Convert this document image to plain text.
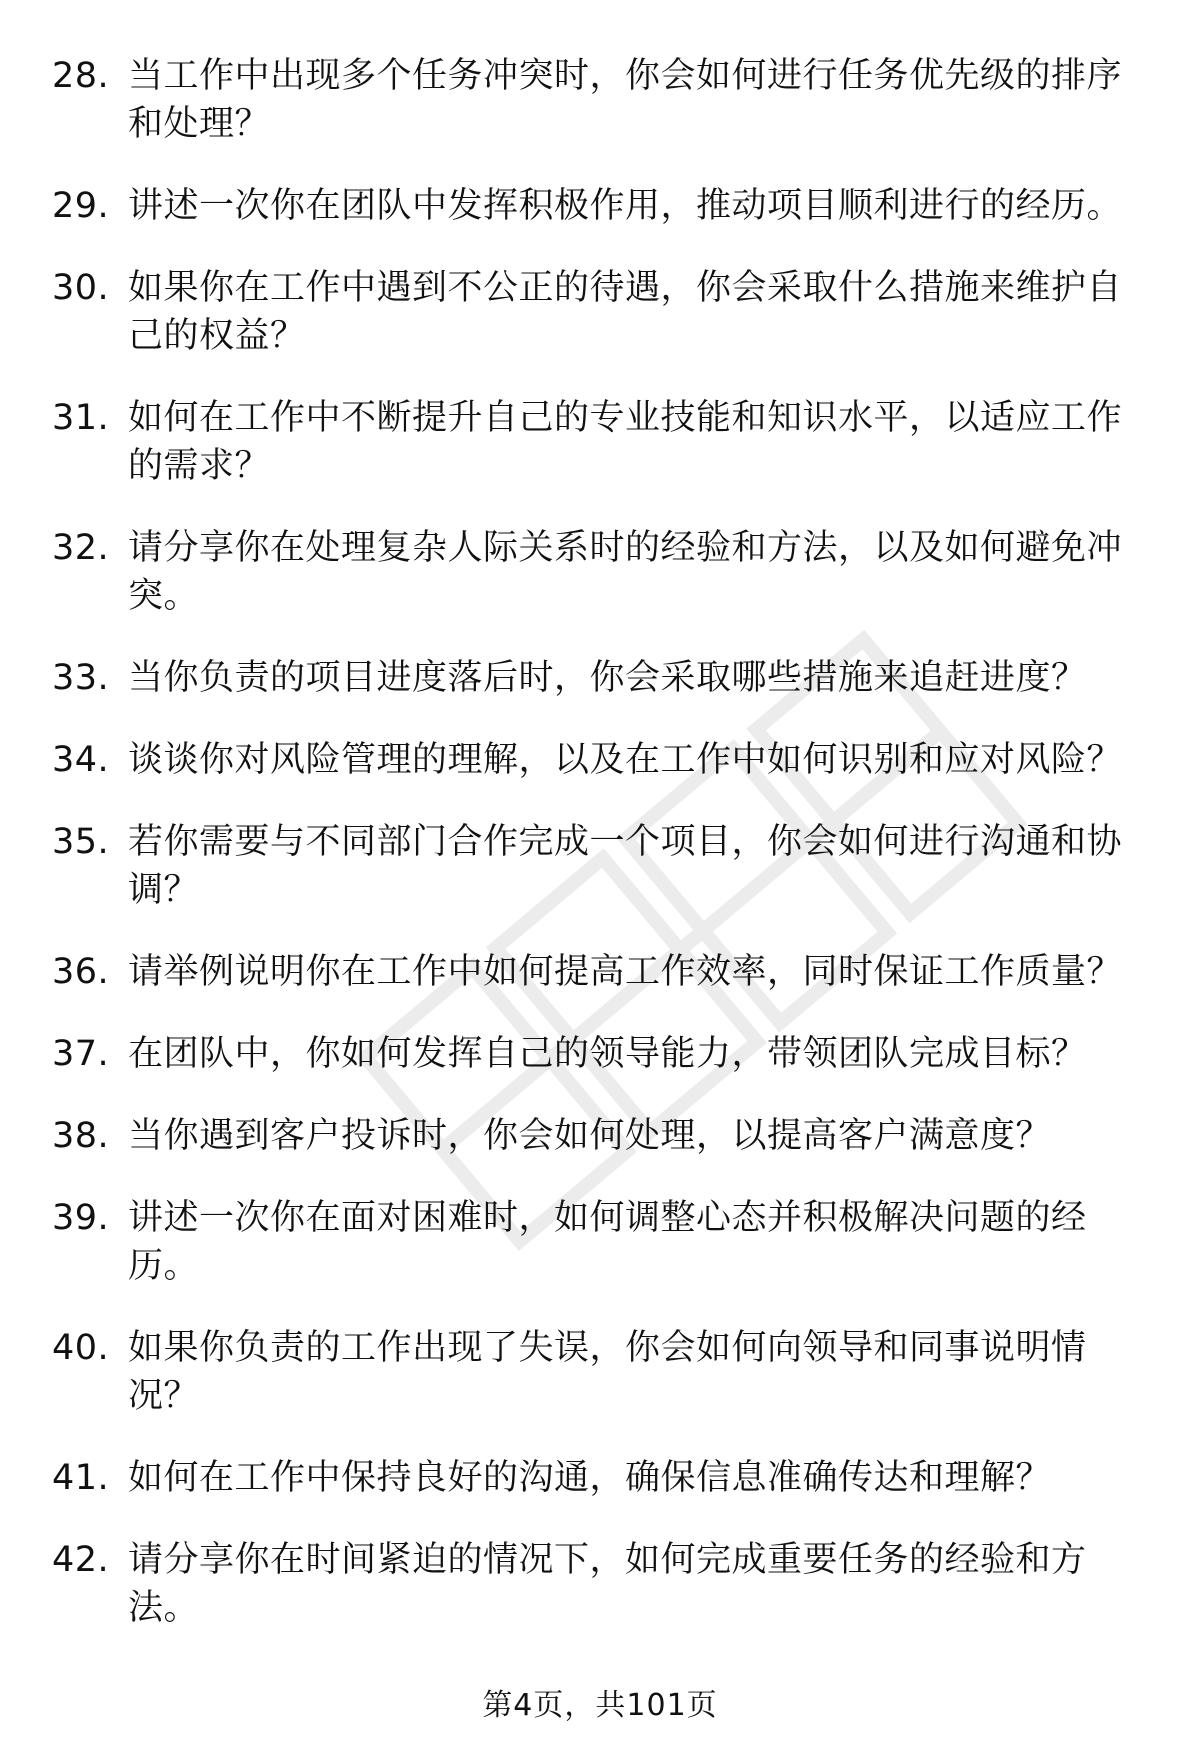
28. 当工作中出现多个任务冲突时，你会如何进行任务优先级的排序和处理？
29. 讲述一次你在团队中发挥积极作用，推动项目顺利进行的经历。
30. 如果你在工作中遇到不公正的待遇，你会采取什么措施来维护自己的权益？
31. 如何在工作中不断提升自己的专业技能和知识水平，以适应工作的需求？
32. 请分享你在处理复杂人际关系时的经验和方法，以及如何避免冲突。
33. 当你负责的项目进度落后时，你会采取哪些措施来追赶进度？
34. 谈谈你对风险管理的理解，以及在工作中如何识别和应对风险？
35. 若你需要与不同部门合作完成一个项目，你会如何进行沟通和协调？
36. 请举例说明你在工作中如何提高工作效率，同时保证工作质量？
37. 在团队中，你如何发挥自己的领导能力，带领团队完成目标？
38. 当你遇到客户投诉时，你会如何处理，以提高客户满意度？
39. 讲述一次你在面对困难时，如何调整心态并积极解决问题的经历。
40. 如果你负责的工作出现了失误，你会如何向领导和同事说明情况？
41. 如何在工作中保持良好的沟通，确保信息准确传达和理解？
42. 请分享你在时间紧迫的情况下，如何完成重要任务的经验和方法。
第4页，共101页
